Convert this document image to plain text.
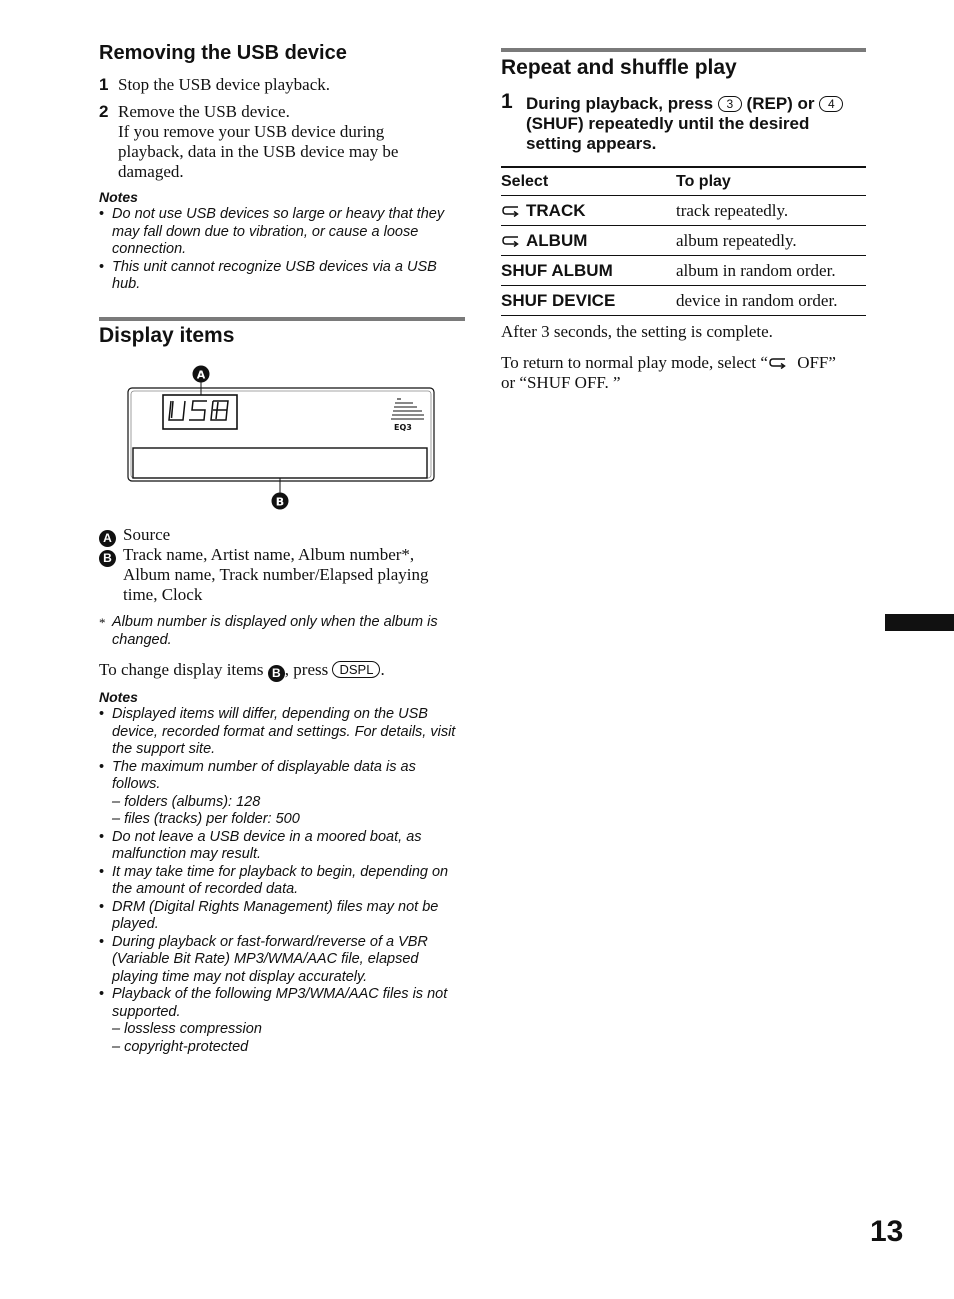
Removing the USB device
1 Stop the USB device playback.
2 Remove the USB device.
If you remove your USB device during playback, data in the USB device may be damaged.
Notes
• Do not use USB devices so large or heavy that they may fall down due to vibration, or cause a loose connection.
• This unit cannot recognize USB devices via a USB hub.
Display items
EQ3
A
B
A Source
B Track name, Artist name, Album number*, Album name, Track number/Elapsed playing time, Clock
* Album number is displayed only when the album is changed.
To change display items B , press DSPL .
Notes
• Displayed items will differ, depending on the USB device, recorded format and settings. For details, visit the support site.
• The maximum number of displayable data is as follows.
– folders (albums): 128
– files (tracks) per folder: 500
• Do not leave a USB device in a moored boat, as malfunction may result.
• It may take time for playback to begin, depending on the amount of recorded data.
• DRM (Digital Rights Management) files may not be played.
• During playback or fast-forward/reverse of a VBR (Variable Bit Rate) MP3/WMA/AAC file, elapsed playing time may not display accurately.
• Playback of the following MP3/WMA/AAC files is not supported.
– lossless compression
– copyright-protected
Repeat and shuffle play
1 During playback, press 3 (REP) or 4 (SHUF) repeatedly until the desired setting appears.
Select	To play
TRACK	track repeatedly.
ALBUM	album repeatedly.
SHUF ALBUM	album in random order.
SHUF DEVICE	device in random order.
After 3 seconds, the setting is complete.
To return to normal play mode, select “ OFF”
or “SHUF OFF. ”
13
